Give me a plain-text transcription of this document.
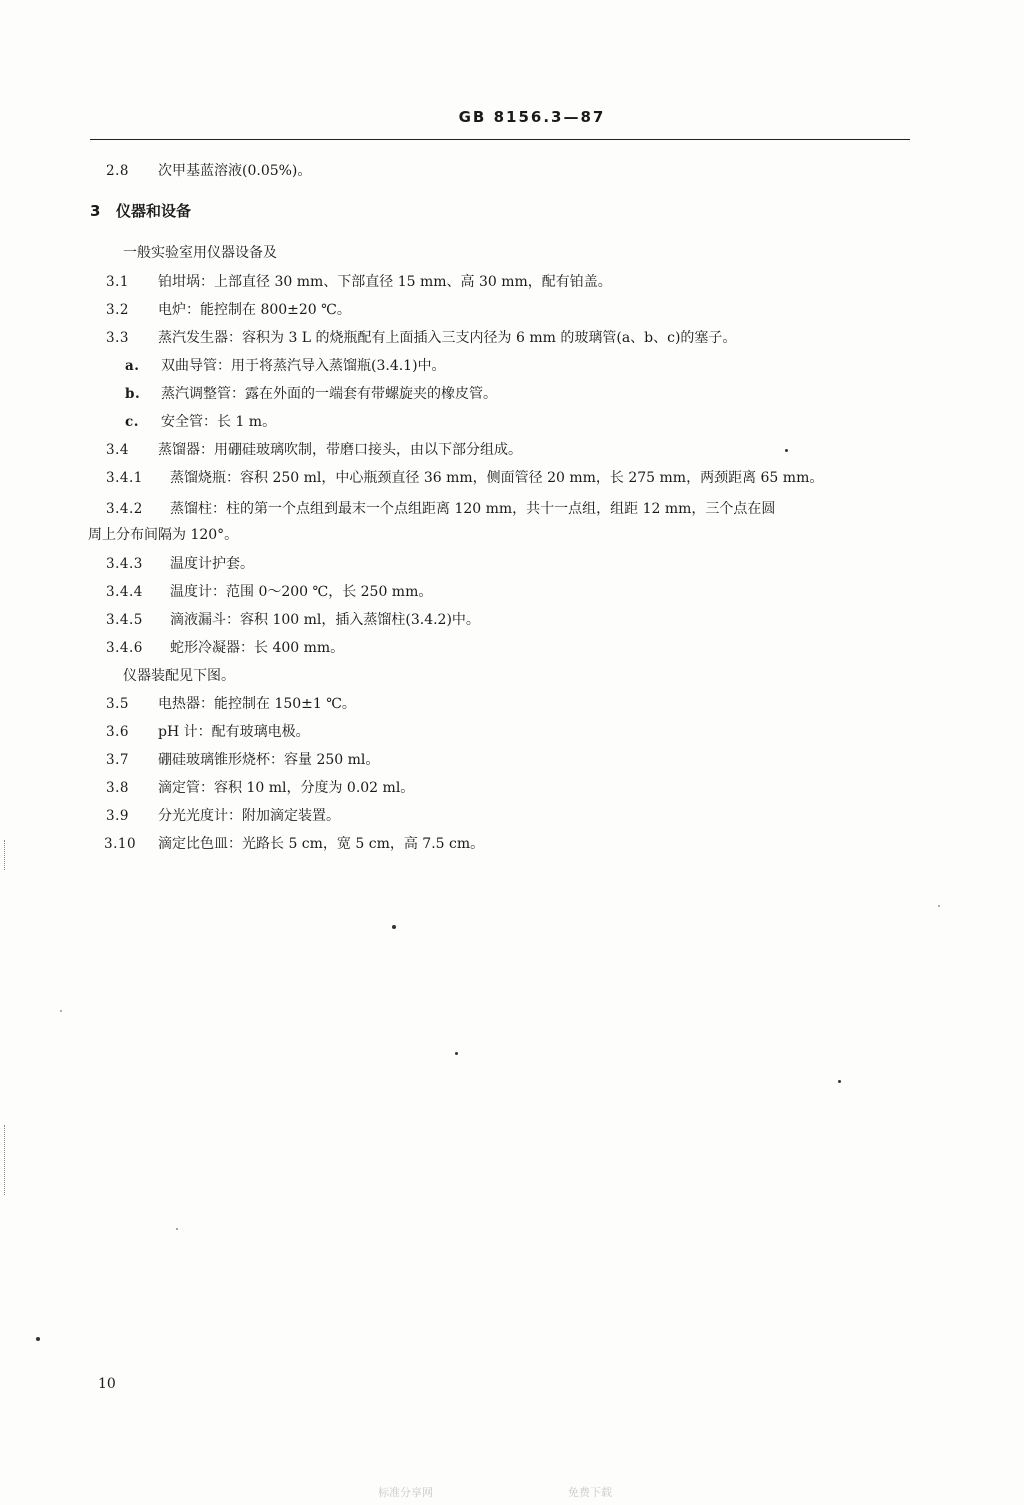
GB 8156.3—87
2.8 次甲基蓝溶液(0.05%)。
3 仪器和设备
一般实验室用仪器设备及
3.1 铂坩埚：上部直径 30 mm、下部直径 15 mm、高 30 mm，配有铂盖。
3.2 电炉：能控制在 800±20 ℃。
3.3 蒸汽发生器：容积为 3 L 的烧瓶配有上面插入三支内径为 6 mm 的玻璃管(a、b、c)的塞子。
a. 双曲导管：用于将蒸汽导入蒸馏瓶(3.4.1)中。
b. 蒸汽调整管：露在外面的一端套有带螺旋夹的橡皮管。
c. 安全管：长 1 m。
3.4 蒸馏器：用硼硅玻璃吹制，带磨口接头，由以下部分组成。
3.4.1 蒸馏烧瓶：容积 250 ml，中心瓶颈直径 36 mm，侧面管径 20 mm，长 275 mm，两颈距离 65 mm。
3.4.2 蒸馏柱：柱的第一个点组到最末一个点组距离 120 mm，共十一点组，组距 12 mm，三个点在圆
周上分布间隔为 120°。
3.4.3 温度计护套。
3.4.4 温度计：范围 0～200 ℃，长 250 mm。
3.4.5 滴液漏斗：容积 100 ml，插入蒸馏柱(3.4.2)中。
3.4.6 蛇形冷凝器：长 400 mm。
仪器装配见下图。
3.5 电热器：能控制在 150±1 ℃。
3.6 pH 计：配有玻璃电极。
3.7 硼硅玻璃锥形烧杯：容量 250 ml。
3.8 滴定管：容积 10 ml，分度为 0.02 ml。
3.9 分光光度计：附加滴定装置。
3.10 滴定比色皿：光路长 5 cm，宽 5 cm，高 7.5 cm。
10
标准分享网	免费下载
